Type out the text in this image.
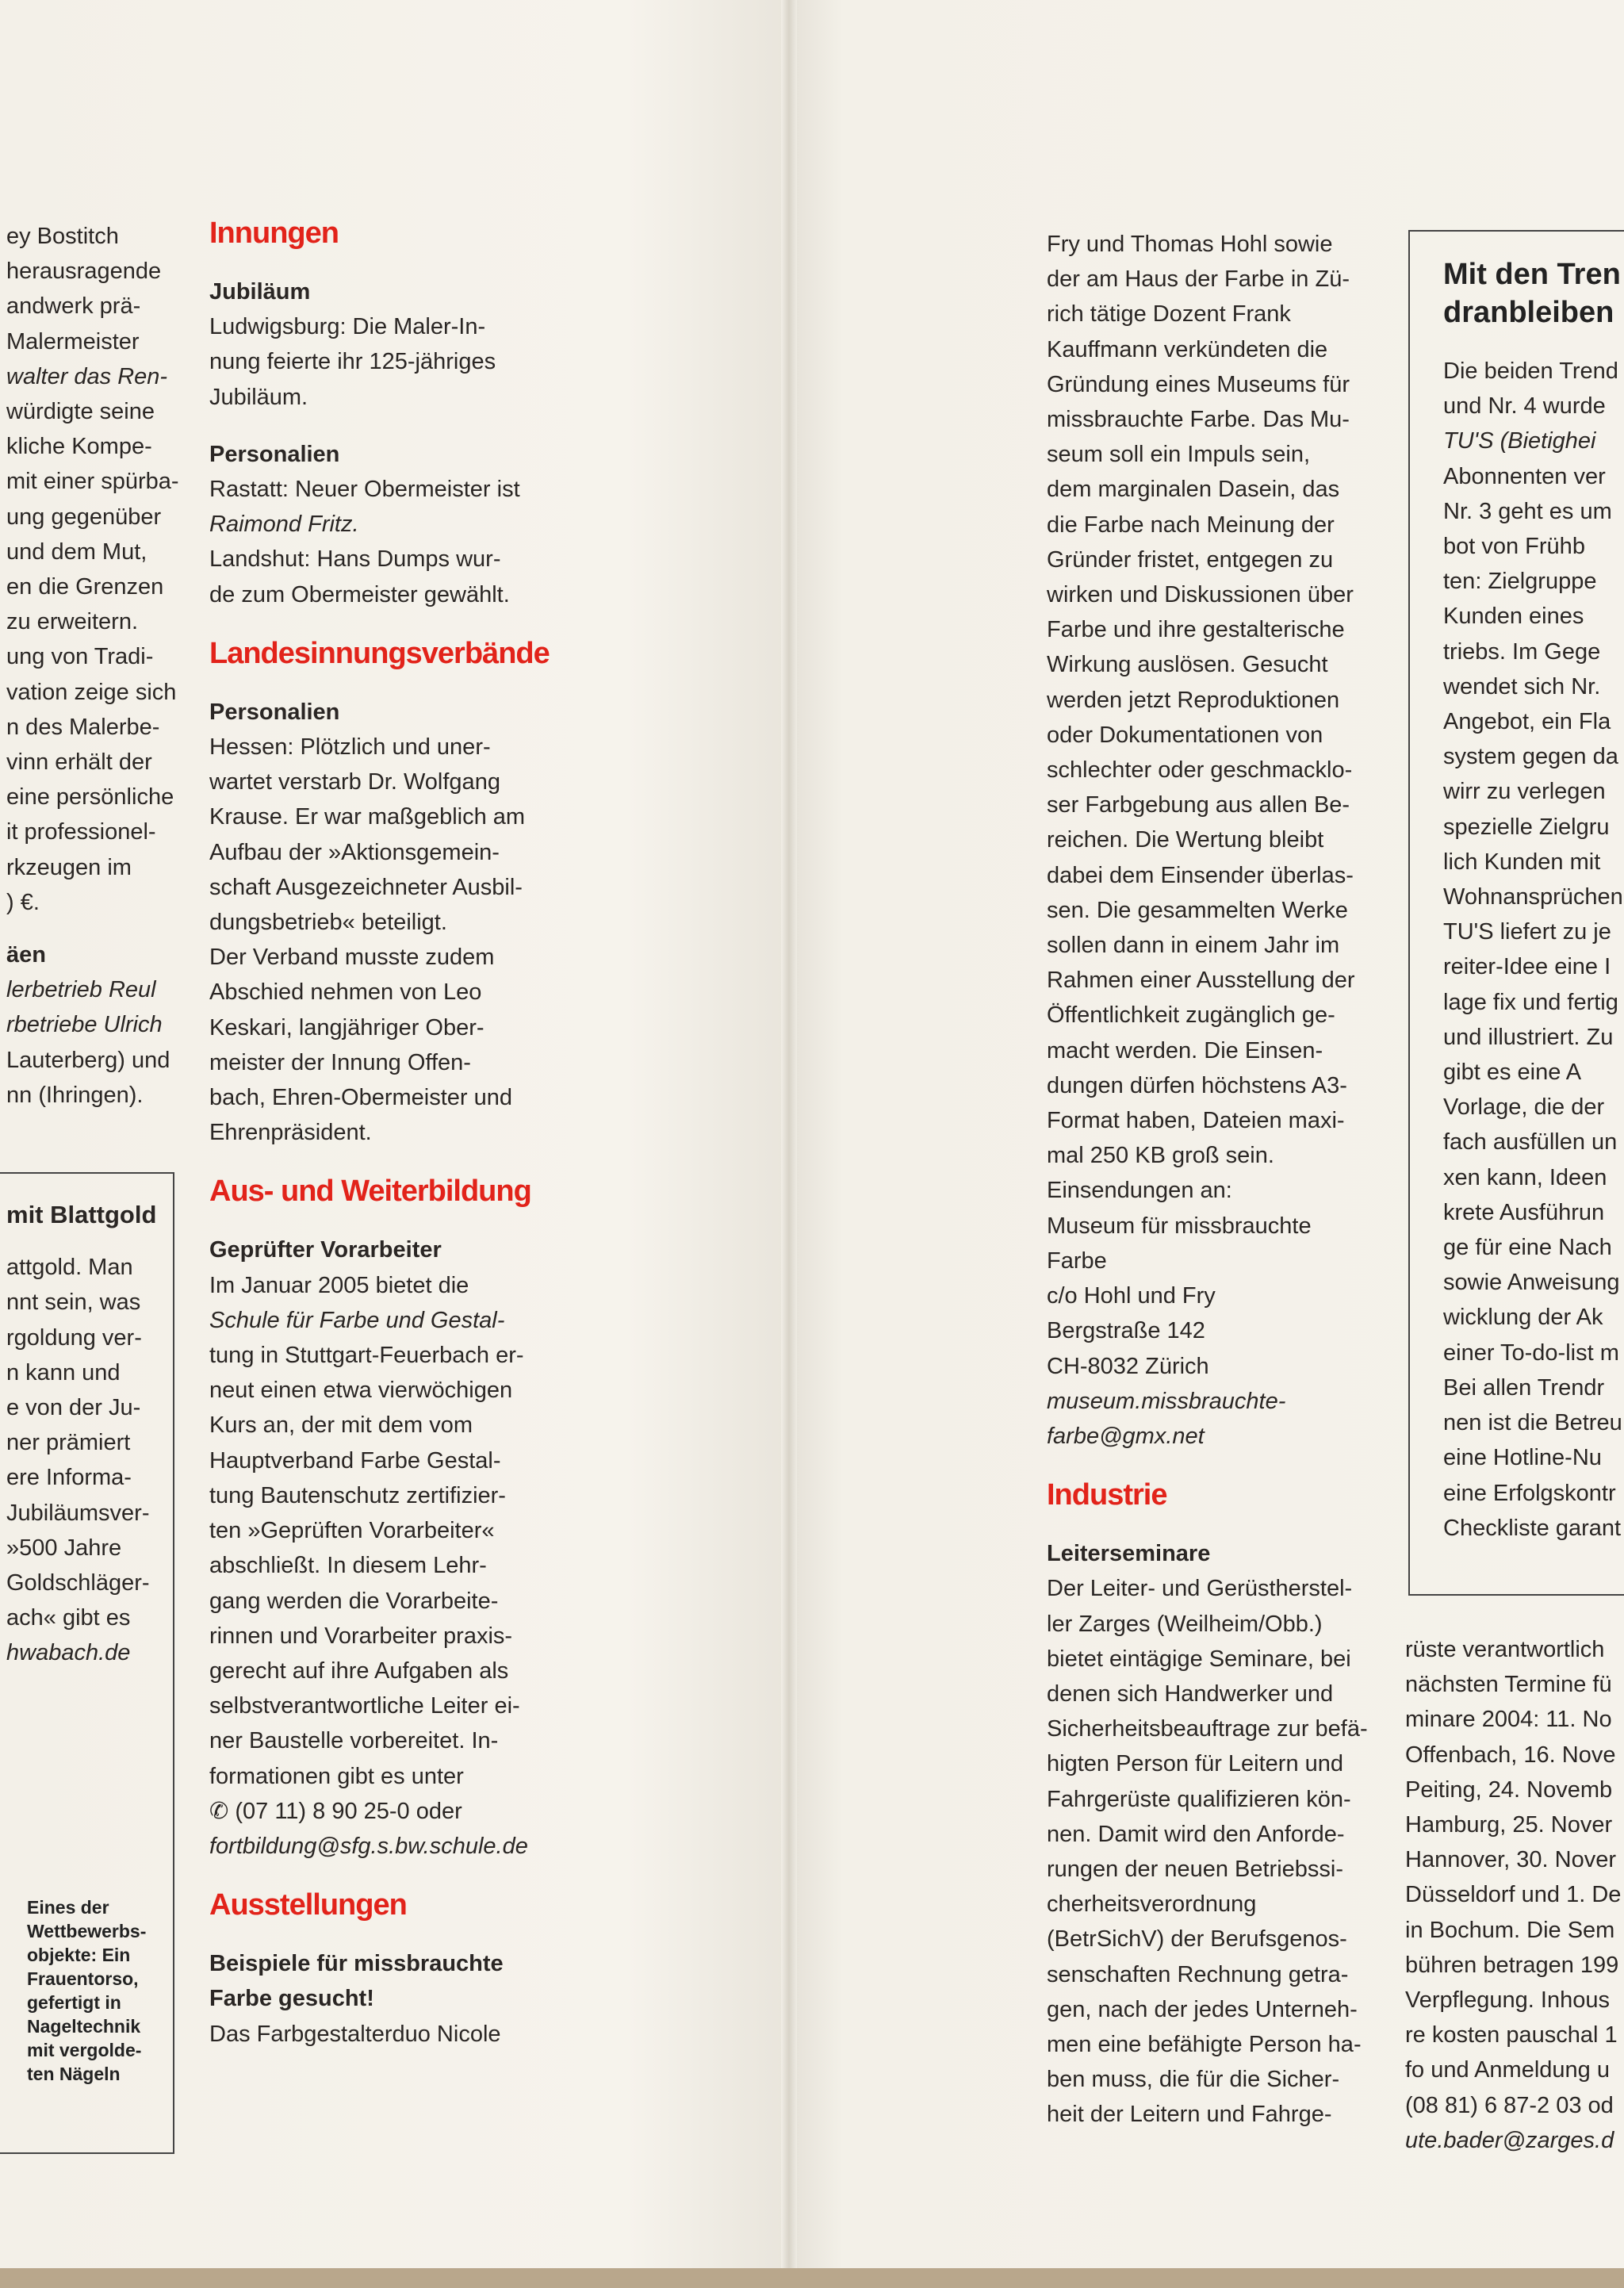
ey Bostitch

herausragende

andwerk prä-

Malermeister

walter das Ren-

würdigte seine

kliche Kompe-

mit einer spürba-

ung gegenüber

und dem Mut,

en die Grenzen

zu erweitern.

ung von Tradi-

vation zeige sich

n des Malerbe-

vinn erhält der

eine persönliche

it professionel-

rkzeugen im

) €.

äen

lerbetrieb Reul

rbetriebe Ulrich

Lauterberg) und

nn (Ihringen).

mit Blattgold

attgold. Man

nnt sein, was

rgoldung ver-

n kann und

e von der Ju-

ner prämiert

ere Informa-

Jubiläumsver-

»500 Jahre

Goldschläger-

ach« gibt es

hwabach.de

Eines der
Wettbewerbs-
objekte: Ein
Frauentorso,
gefertigt in
Nageltechnik
mit vergolde-
ten Nägeln

Innungen

Jubiläum

Ludwigsburg: Die Maler-In-

nung feierte ihr 125-jähriges

Jubiläum.

Personalien

Rastatt: Neuer Obermeister ist

Raimond Fritz.

Landshut: Hans Dumps wur-

de zum Obermeister gewählt.

Landesinnungsverbände

Personalien

Hessen: Plötzlich und uner-

wartet verstarb Dr. Wolfgang

Krause. Er war maßgeblich am

Aufbau der »Aktionsgemein-

schaft Ausgezeichneter Ausbil-

dungsbetrieb« beteiligt.

Der Verband musste zudem

Abschied nehmen von Leo

Keskari, langjähriger Ober-

meister der Innung Offen-

bach, Ehren-Obermeister und

Ehrenpräsident.

Aus- und Weiterbildung

Geprüfter Vorarbeiter

Im Januar 2005 bietet die

Schule für Farbe und Gestal-

tung in Stuttgart-Feuerbach er-

neut einen etwa vierwöchigen

Kurs an, der mit dem vom

Hauptverband Farbe Gestal-

tung Bautenschutz zertifizier-

ten »Geprüften Vorarbeiter«

abschließt. In diesem Lehr-

gang werden die Vorarbeite-

rinnen und Vorarbeiter praxis-

gerecht auf ihre Aufgaben als

selbstverantwortliche Leiter ei-

ner Baustelle vorbereitet. In-

formationen gibt es unter

✆ (07 11) 8 90 25-0 oder

fortbildung@sfg.s.bw.schule.de

Ausstellungen

Beispiele für missbrauchte

Farbe gesucht!

Das Farbgestalterduo Nicole

Fry und Thomas Hohl sowie

der am Haus der Farbe in Zü-

rich tätige Dozent Frank

Kauffmann verkündeten die

Gründung eines Museums für

missbrauchte Farbe. Das Mu-

seum soll ein Impuls sein,

dem marginalen Dasein, das

die Farbe nach Meinung der

Gründer fristet, entgegen zu

wirken und Diskussionen über

Farbe und ihre gestalterische

Wirkung auslösen. Gesucht

werden jetzt Reproduktionen

oder Dokumentationen von

schlechter oder geschmacklo-

ser Farbgebung aus allen Be-

reichen. Die Wertung bleibt

dabei dem Einsender überlas-

sen. Die gesammelten Werke

sollen dann in einem Jahr im

Rahmen einer Ausstellung der

Öffentlichkeit zugänglich ge-

macht werden. Die Einsen-

dungen dürfen höchstens A3-

Format haben, Dateien maxi-

mal 250 KB groß sein.

Einsendungen an:

Museum für missbrauchte

Farbe

c/o Hohl und Fry

Bergstraße 142

CH-8032 Zürich

museum.missbrauchte-

farbe@gmx.net

Industrie

Leiterseminare

Der Leiter- und Gerüstherstel-

ler Zarges (Weilheim/Obb.)

bietet eintägige Seminare, bei

denen sich Handwerker und

Sicherheitsbeauftrage zur befä-

higten Person für Leitern und

Fahrgerüste qualifizieren kön-

nen. Damit wird den Anforde-

rungen der neuen Betriebssi-

cherheitsverordnung

(BetrSichV) der Berufsgenos-

senschaften Rechnung getra-

gen, nach der jedes Unterneh-

men eine befähigte Person ha-

ben muss, die für die Sicher-

heit der Leitern und Fahrge-

Mit den Tren

dranbleiben

Die beiden Trend

und Nr. 4 wurde

TU'S (Bietighei

Abonnenten ver

Nr. 3 geht es um

bot von Frühb

ten: Zielgruppe

Kunden eines

triebs. Im Gege

wendet sich Nr.

Angebot, ein Fla

system gegen da

wirr zu verlegen

spezielle Zielgru

lich Kunden mit

Wohnansprüchen

TU'S liefert zu je

reiter-Idee eine I

lage fix und fertig

und illustriert. Zu

gibt es eine A

Vorlage, die der

fach ausfüllen un

xen kann, Ideen

krete Ausführun

ge für eine Nach

sowie Anweisung

wicklung der Ak

einer To-do-list m

Bei allen Trendr

nen ist die Betreu

eine Hotline-Nu

eine Erfolgskontr

Checkliste garant

rüste verantwortlich

nächsten Termine fü

minare 2004: 11. No

Offenbach, 16. Nove

Peiting, 24. Novemb

Hamburg, 25. Nover

Hannover, 30. Nover

Düsseldorf und 1. De

in Bochum. Die Sem

bühren betragen 199

Verpflegung. Inhous

re kosten pauschal 1

fo und Anmeldung u

(08 81) 6 87-2 03 od

ute.bader@zarges.d
